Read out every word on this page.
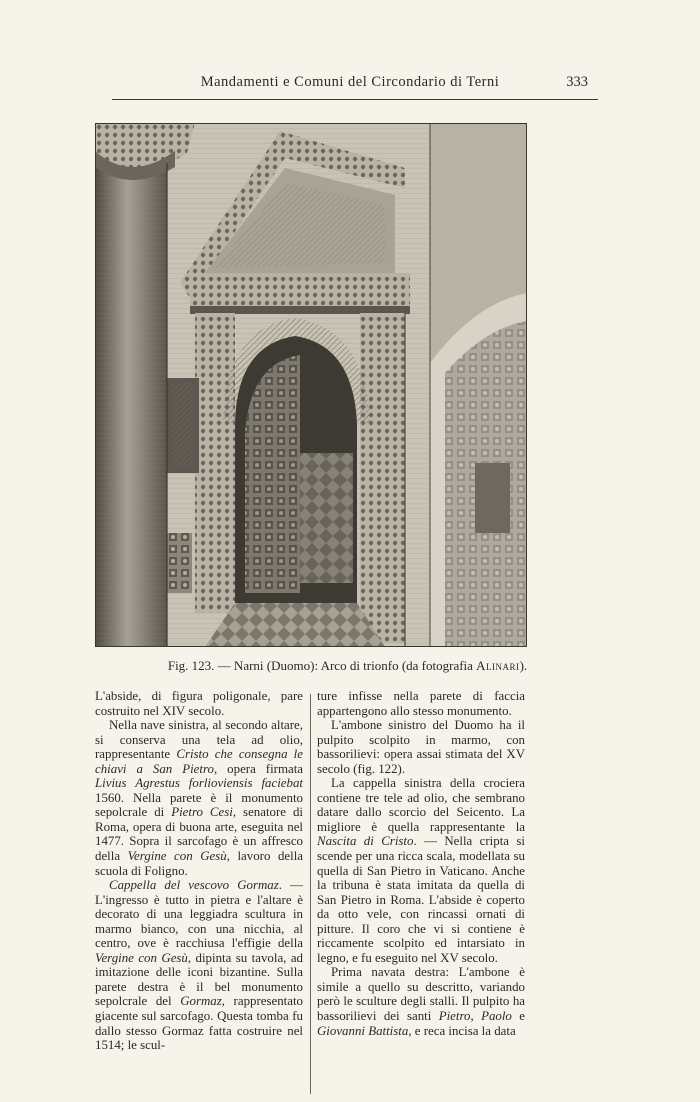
Mandamenti e Comuni del Circondario di Terni	333
Fig. 123. — Narni (Duomo): Arco di trionfo (da fotografia Alinari).

L'abside, di figura poligonale, pare costruito nel XIV secolo.

Nella nave sinistra, al secondo altare, si conserva una tela ad olio, rappresentante Cristo che consegna le chiavi a San Pietro, opera firmata Livius Agrestus forlioviensis faciebat 1560. Nella parete è il monumento sepolcrale di Pietro Cesi, senatore di Roma, opera di buona arte, eseguita nel 1477. Sopra il sarcofago è un affresco della Vergine con Gesù, lavoro della scuola di Foligno.

Cappella del vescovo Gormaz. — L'ingresso è tutto in pietra e l'altare è decorato di una leggiadra scultura in marmo bianco, con una nicchia, al centro, ove è racchiusa l'effigie della Vergine con Gesù, dipinta su tavola, ad imitazione delle iconi bizantine. Sulla parete destra è il bel monumento sepolcrale del Gormaz, rappresentato giacente sul sarcofago. Questa tomba fu dallo stesso Gormaz fatta costruire nel 1514; le scul-

ture infisse nella parete di faccia appartengono allo stesso monumento.

L'ambone sinistro del Duomo ha il pulpito scolpito in marmo, con bassorilievi: opera assai stimata del XV secolo (fig. 122).

La cappella sinistra della crociera contiene tre tele ad olio, che sembrano datare dallo scorcio del Seicento. La migliore è quella rappresentante la Nascita di Cristo. — Nella cripta si scende per una ricca scala, modellata su quella di San Pietro in Vaticano. Anche la tribuna è stata imitata da quella di San Pietro in Roma. L'abside è coperto da otto vele, con rincassi ornati di pitture. Il coro che vi si contiene è riccamente scolpito ed intarsiato in legno, e fu eseguito nel XV secolo.

Prima navata destra: L'ambone è simile a quello su descritto, variando però le sculture degli stalli. Il pulpito ha bassorilievi dei santi Pietro, Paolo e Giovanni Battista, e reca incisa la data
